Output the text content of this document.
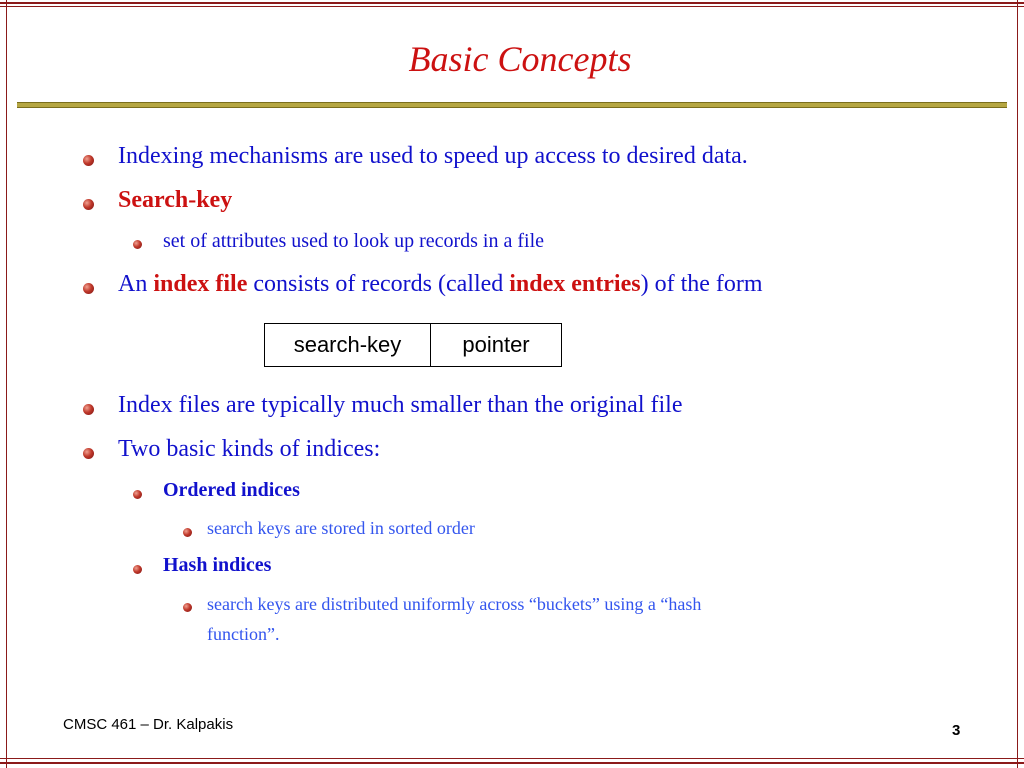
Basic Concepts
Indexing mechanisms are used to speed up access to desired data.
Search-key
set of attributes used to look up records in a file
An index file consists of records (called index entries) of the form
search-key	pointer
Index files are typically much smaller than the original file
Two basic kinds of indices:
Ordered indices
search keys are stored in sorted order
Hash indices
search keys are distributed uniformly across “buckets” using a “hash
function”.
CMSC 461 – Dr. Kalpakis	3
